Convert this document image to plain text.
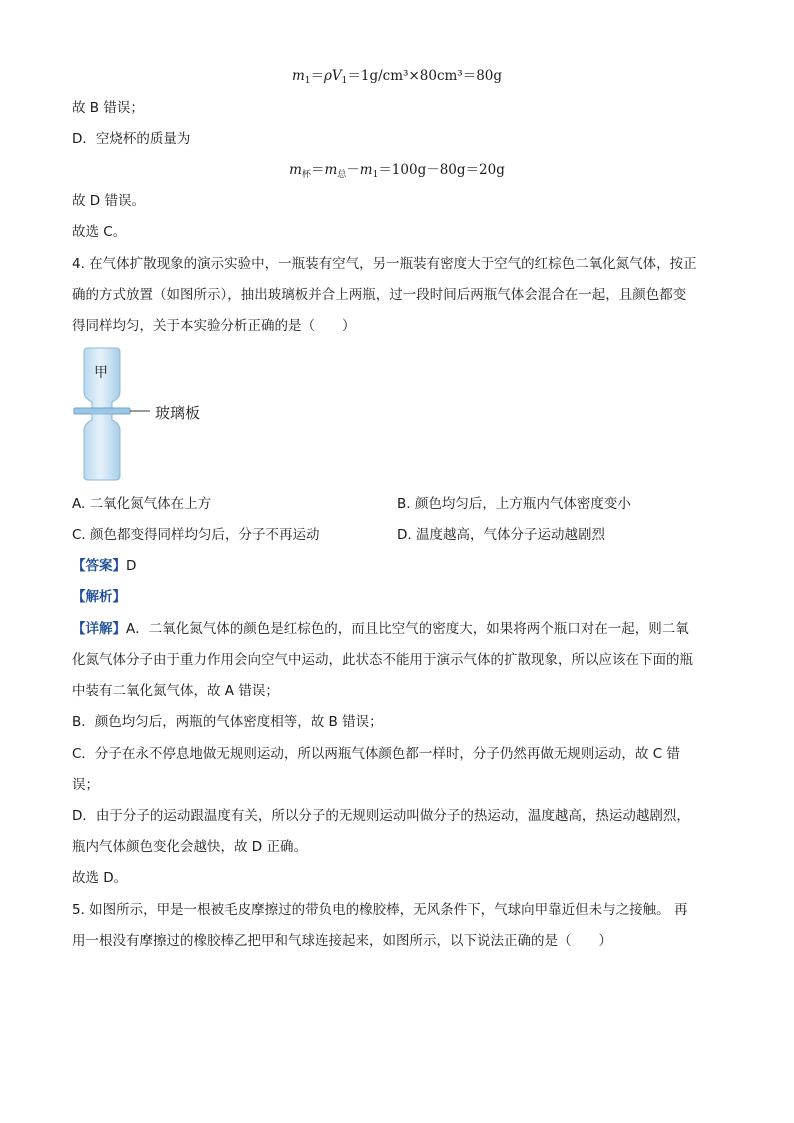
$m_1=\rho V_1=1g/cm^3\times 80cm^3=80g$
故 B 错误；
D．空烧杯的质量为
$m_杯=m_总-m_1=100g-80g=20g$
故 D 错误。
故选 C。
4. 在气体扩散现象的演示实验中，一瓶装有空气，另一瓶装有密度大于空气的红棕色二氧化氮气体，按正
确的方式放置（如图所示），抽出玻璃板并合上两瓶，过一段时间后两瓶气体会混合在一起，且颜色都变
得同样均匀，关于本实验分析正确的是（　　）
甲
玻璃板
A. 二氧化氮气体在上方	B. 颜色均匀后，上方瓶内气体密度变小
C. 颜色都变得同样均匀后，分子不再运动	D. 温度越高，气体分子运动越剧烈
【答案】D
【解析】
【详解】A．二氧化氮气体的颜色是红棕色的，而且比空气的密度大，如果将两个瓶口对在一起，则二氧
化氮气体分子由于重力作用会向空气中运动，此状态不能用于演示气体的扩散现象，所以应该在下面的瓶
中装有二氧化氮气体，故 A 错误；
B．颜色均匀后，两瓶的气体密度相等，故 B 错误；
C．分子在永不停息地做无规则运动，所以两瓶气体颜色都一样时，分子仍然再做无规则运动，故 C 错
误；
D．由于分子的运动跟温度有关，所以分子的无规则运动叫做分子的热运动，温度越高，热运动越剧烈，
瓶内气体颜色变化会越快，故 D 正确。
故选 D。
5. 如图所示，甲是一根被毛皮摩擦过的带负电的橡胶棒，无风条件下，气球向甲靠近但未与之接触。 再
用一根没有摩擦过的橡胶棒乙把甲和气球连接起来，如图所示，以下说法正确的是（　　）
